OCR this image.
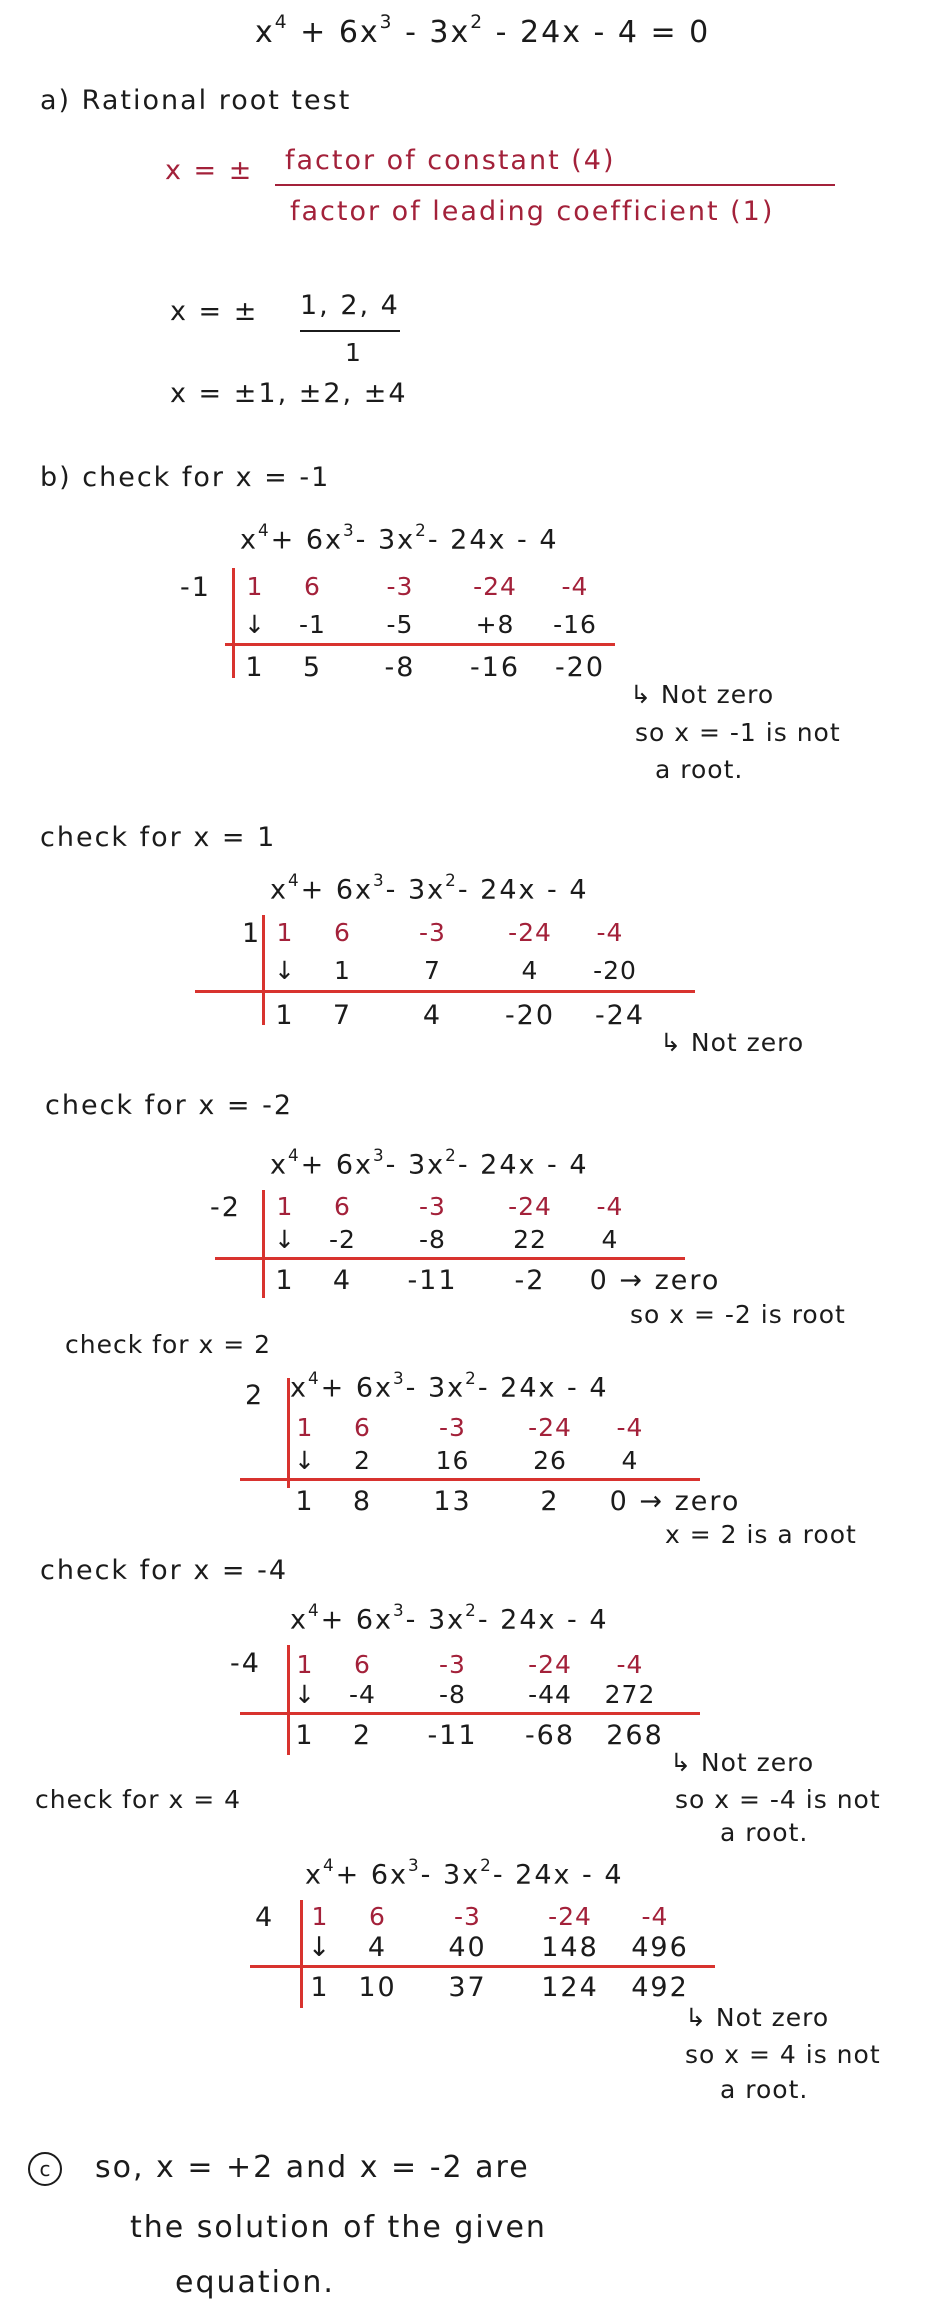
$x^4 + 6x^3 - 3x^2 - 24x - 4 = 0$
a) Rational root test
x = ± factor of constant (4)
factor of leading coefficient (1)
x = ± 1, 2, 4
1
x = ±1, ±2, ±4
b) check for x = -1
$x^4+ 6x^3-$ $3x^2-$ 24x - 4
-1 1	6	-3	-24	-4
↓	-1	-5	+8	-16
1	5	-8	-16	-20
↳ Not zero
so x = -1 is not
a root.
check for x = 1
$x^4+ 6x^3-$ $3x^2-$ 24x - 4
1 1	6	-3	-24	-4
↓	1	7	4	-20
1	7	4	-20	-24
↳ Not zero
check for x = -2
$x^4+ 6x^3-$ $3x^2-$ 24x - 4
-2 1	6	-3	-24	-4
↓	-2	-8	22	4
1	4	-11	-2	0 → zero
so x = -2 is root
check for x = 2
$x^4+ 6x^3-$ $3x^2-$ 24x - 4
2
1	6	-3	-24	-4
↓	2	16	26	4
1	8	13	2	0 → zero
x = 2 is a root
check for x = -4
$x^4+ 6x^3-$ $3x^2-$ 24x - 4
-4 1	6	-3	-24	-4
↓	-4	-8	-44	272
1	2	-11	-68	268
↳ Not zero
so x = -4 is not
a root.
check for x = 4
$x^4+ 6x^3-$ $3x^2-$ 24x - 4
4 1	6	-3	-24	-4
↓	4	40	148	496
1	10	37	124	492
↳ Not zero
so x = 4 is not
a root.
c	so, x = +2 and x = -2 are
the solution of the given
equation.
